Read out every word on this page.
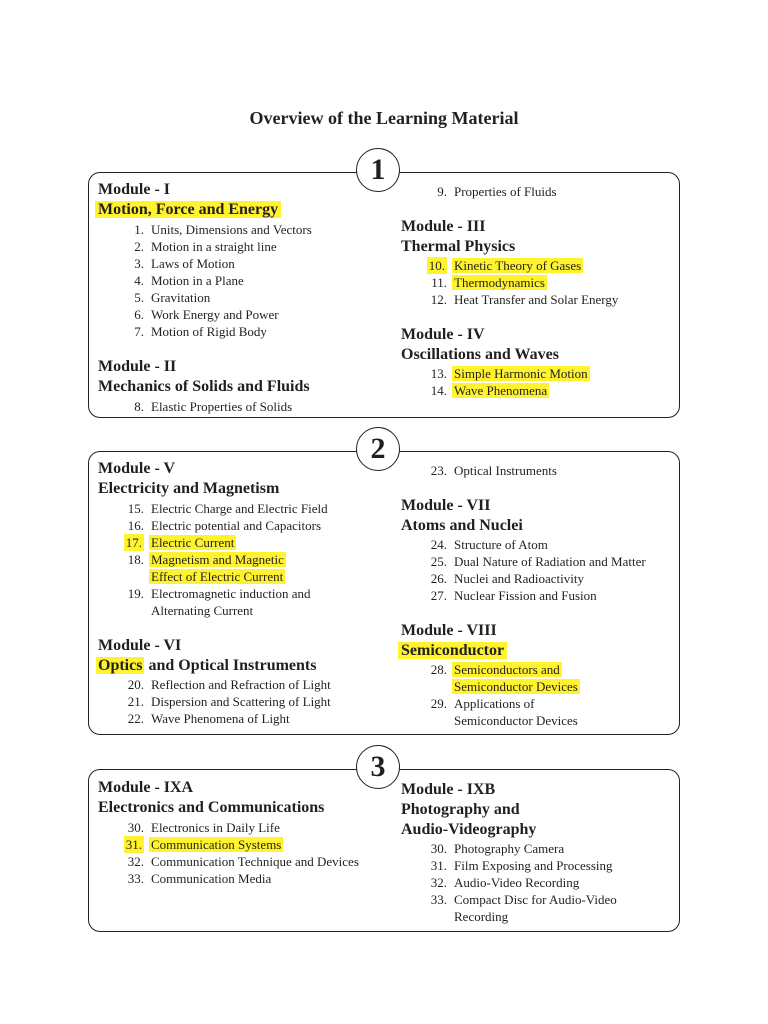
Overview of the Learning Material
1
Module - I
Motion, Force and Energy
1. Units, Dimensions and Vectors
2. Motion in a straight line
3. Laws of Motion
4. Motion in a Plane
5. Gravitation
6. Work Energy and Power
7. Motion of Rigid Body
Module - II
Mechanics of Solids and Fluids
8. Elastic Properties of Solids
9. Properties of Fluids
Module - III
Thermal Physics
10. Kinetic Theory of Gases
11. Thermodynamics
12. Heat Transfer and Solar Energy
Module - IV
Oscillations and Waves
13. Simple Harmonic Motion
14. Wave Phenomena
2
Module - V
Electricity and Magnetism
15. Electric Charge and Electric Field
16. Electric potential and Capacitors
17. Electric Current
18. Magnetism and Magnetic
Effect of Electric Current
19. Electromagnetic induction and
Alternating Current
Module - VI
Optics and Optical Instruments
20. Reflection and Refraction of Light
21. Dispersion and Scattering of Light
22. Wave Phenomena of Light
23. Optical Instruments
Module - VII
Atoms and Nuclei
24. Structure of Atom
25. Dual Nature of Radiation and Matter
26. Nuclei and Radioactivity
27. Nuclear Fission and Fusion
Module - VIII
Semiconductor
28. Semiconductors and
Semiconductor Devices
29. Applications of
Semiconductor Devices
3
Module - IXA
Electronics and Communications
30. Electronics in Daily Life
31. Communication Systems
32. Communication Technique and Devices
33. Communication Media
Module - IXB
Photography and
Audio-Videography
30. Photography Camera
31. Film Exposing and Processing
32. Audio-Video Recording
33. Compact Disc for Audio-Video
Recording
